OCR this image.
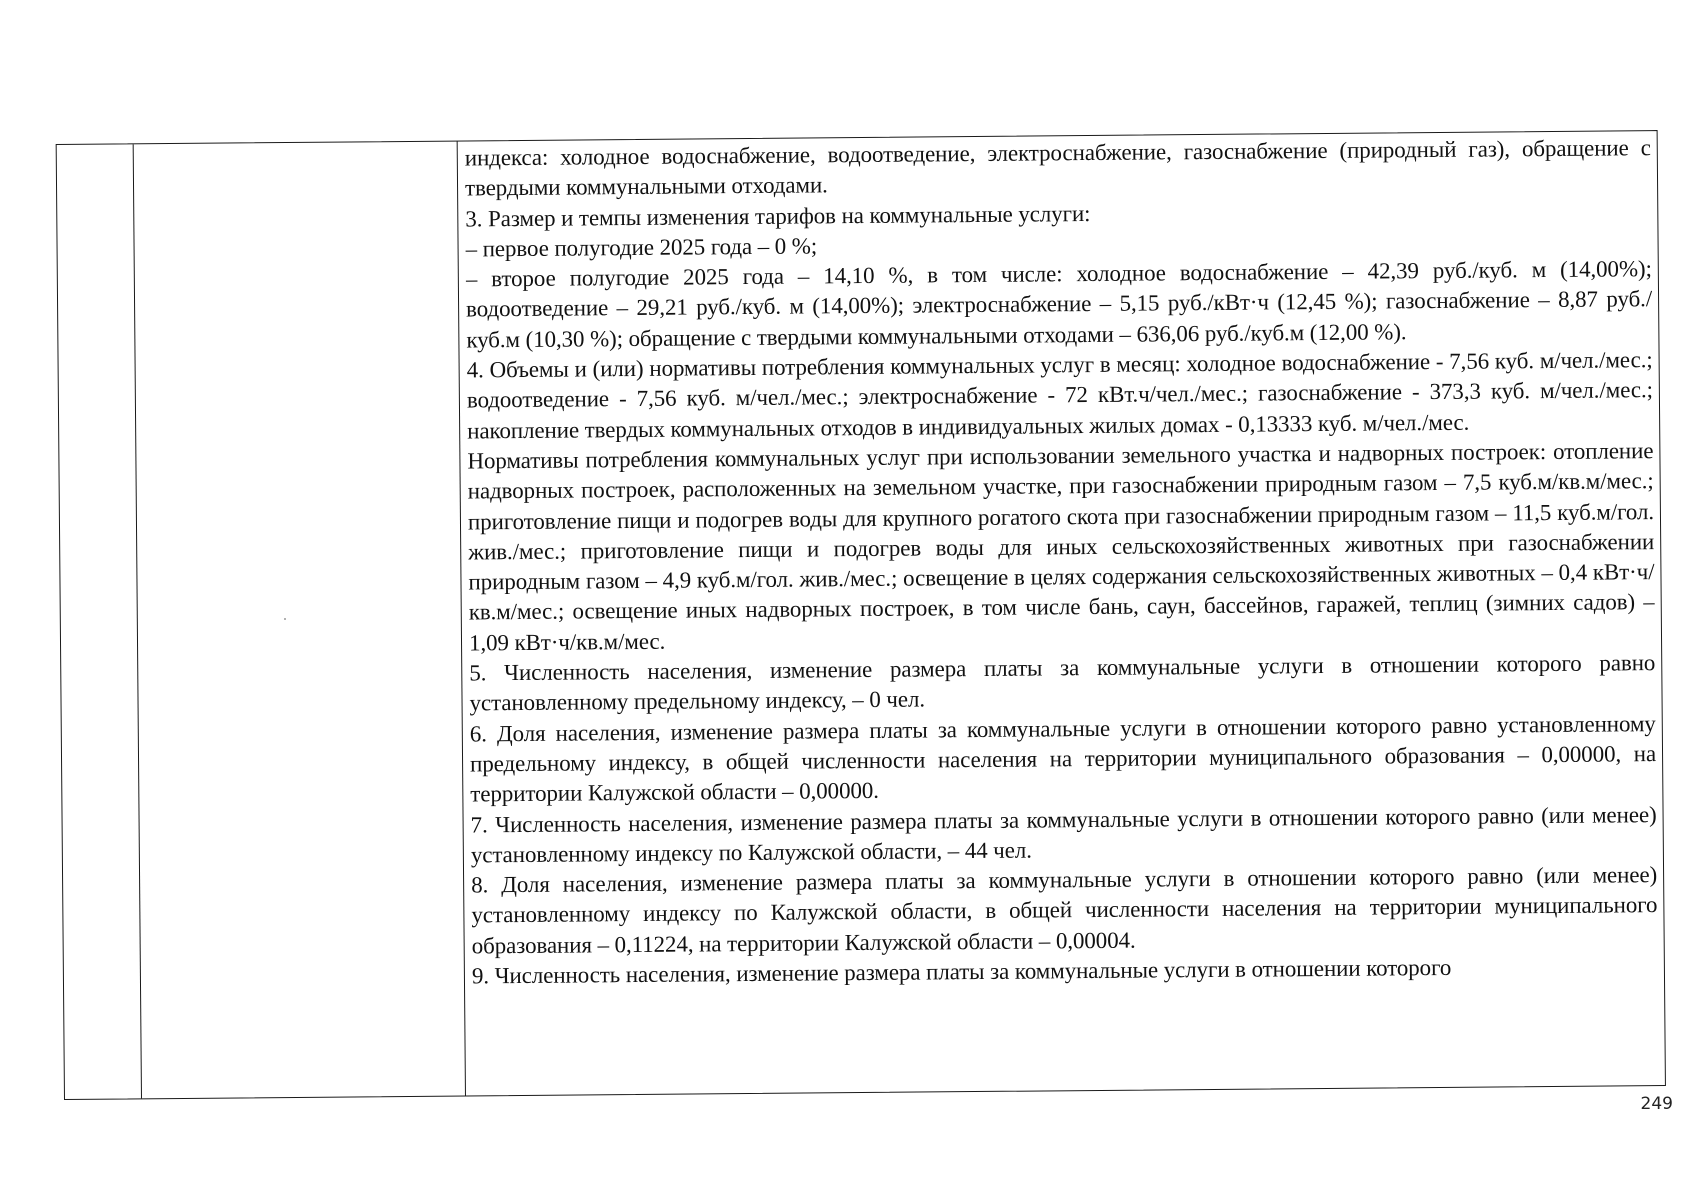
индекса: холодное водоснабжение, водоотведение, электроснабжение, газоснабжение (природный газ), обращение с твердыми коммунальными отходами.

3. Размер и темпы изменения тарифов на коммунальные услуги:

– первое полугодие 2025 года – 0 %;

– второе полугодие 2025 года – 14,10 %, в том числе: холодное водоснабжение – 42,39 руб./куб. м (14,00%); водоотведение – 29,21 руб./куб. м (14,00%); электроснабжение – 5,15 руб./кВт·ч (12,45 %); газоснабжение – 8,87 руб./куб.м (10,30 %); обращение с твердыми коммунальными отходами – 636,06 руб./куб.м (12,00 %).

4. Объемы и (или) нормативы потребления коммунальных услуг в месяц: холодное водоснабжение - 7,56 куб. м/чел./мес.; водоотведение - 7,56 куб. м/чел./мес.; электроснабжение - 72 кВт.ч/чел./мес.; газоснабжение - 373,3 куб. м/чел./мес.; накопление твердых коммунальных отходов в индивидуальных жилых домах - 0,13333 куб. м/чел./мес.

Нормативы потребления коммунальных услуг при использовании земельного участка и надворных построек: отопление надворных построек, расположенных на земельном участке, при газоснабжении природным газом – 7,5 куб.м/кв.м/мес.; приготовление пищи и подогрев воды для крупного рогатого скота при газоснабжении природным газом – 11,5 куб.м/гол. жив./мес.; приготовление пищи и подогрев воды для иных сельскохозяйственных животных при газоснабжении природным газом – 4,9 куб.м/гол. жив./мес.; освещение в целях содержания сельскохозяйственных животных – 0,4 кВт·ч/кв.м/мес.; освещение иных надворных построек, в том числе бань, саун, бассейнов, гаражей, теплиц (зимних садов) – 1,09 кВт·ч/кв.м/мес.

5. Численность населения, изменение размера платы за коммунальные услуги в отношении которого равно установленному предельному индексу, – 0 чел.

6. Доля населения, изменение размера платы за коммунальные услуги в отношении которого равно установленному предельному индексу, в общей численности населения на территории муниципального образования – 0,00000, на территории Калужской области – 0,00000.

7. Численность населения, изменение размера платы за коммунальные услуги в отношении которого равно (или менее) установленному индексу по Калужской области, – 44 чел.

8. Доля населения, изменение размера платы за коммунальные услуги в отношении которого равно (или менее) установленному индексу по Калужской области, в общей численности населения на территории муниципального образования – 0,11224, на территории Калужской области – 0,00004.

9. Численность населения, изменение размера платы за коммунальные услуги в отношении которого

249
